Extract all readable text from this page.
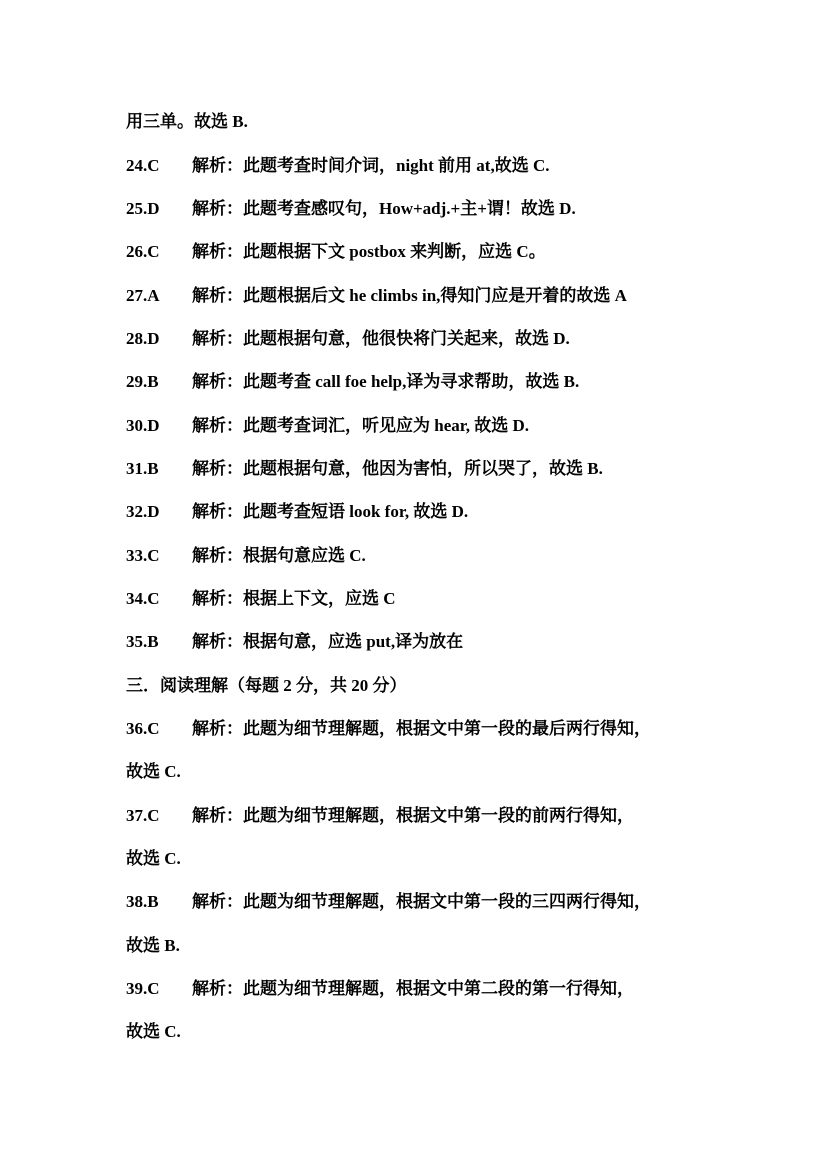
用三单。故选 B.
24.C 解析：此题考查时间介词，night 前用 at,故选 C.
25.D 解析：此题考查感叹句，How+adj.+主+谓！故选 D.
26.C 解析：此题根据下文 postbox 来判断，应选 C。
27.A 解析：此题根据后文 he climbs in,得知门应是开着的故选 A
28.D 解析：此题根据句意，他很快将门关起来，故选 D.
29.B 解析：此题考查 call foe help,译为寻求帮助，故选 B.
30.D 解析：此题考查词汇，听见应为 hear, 故选 D.
31.B 解析：此题根据句意，他因为害怕，所以哭了，故选 B.
32.D 解析：此题考查短语 look for, 故选 D.
33.C 解析：根据句意应选 C.
34.C 解析：根据上下文，应选 C
35.B 解析：根据句意，应选 put,译为放在
三．阅读理解（每题 2 分，共 20 分）
36.C 解析：此题为细节理解题，根据文中第一段的最后两行得知，
故选 C.
37.C 解析：此题为细节理解题，根据文中第一段的前两行得知，
故选 C.
38.B 解析：此题为细节理解题，根据文中第一段的三四两行得知，
故选 B.
39.C 解析：此题为细节理解题，根据文中第二段的第一行得知，
故选 C.
